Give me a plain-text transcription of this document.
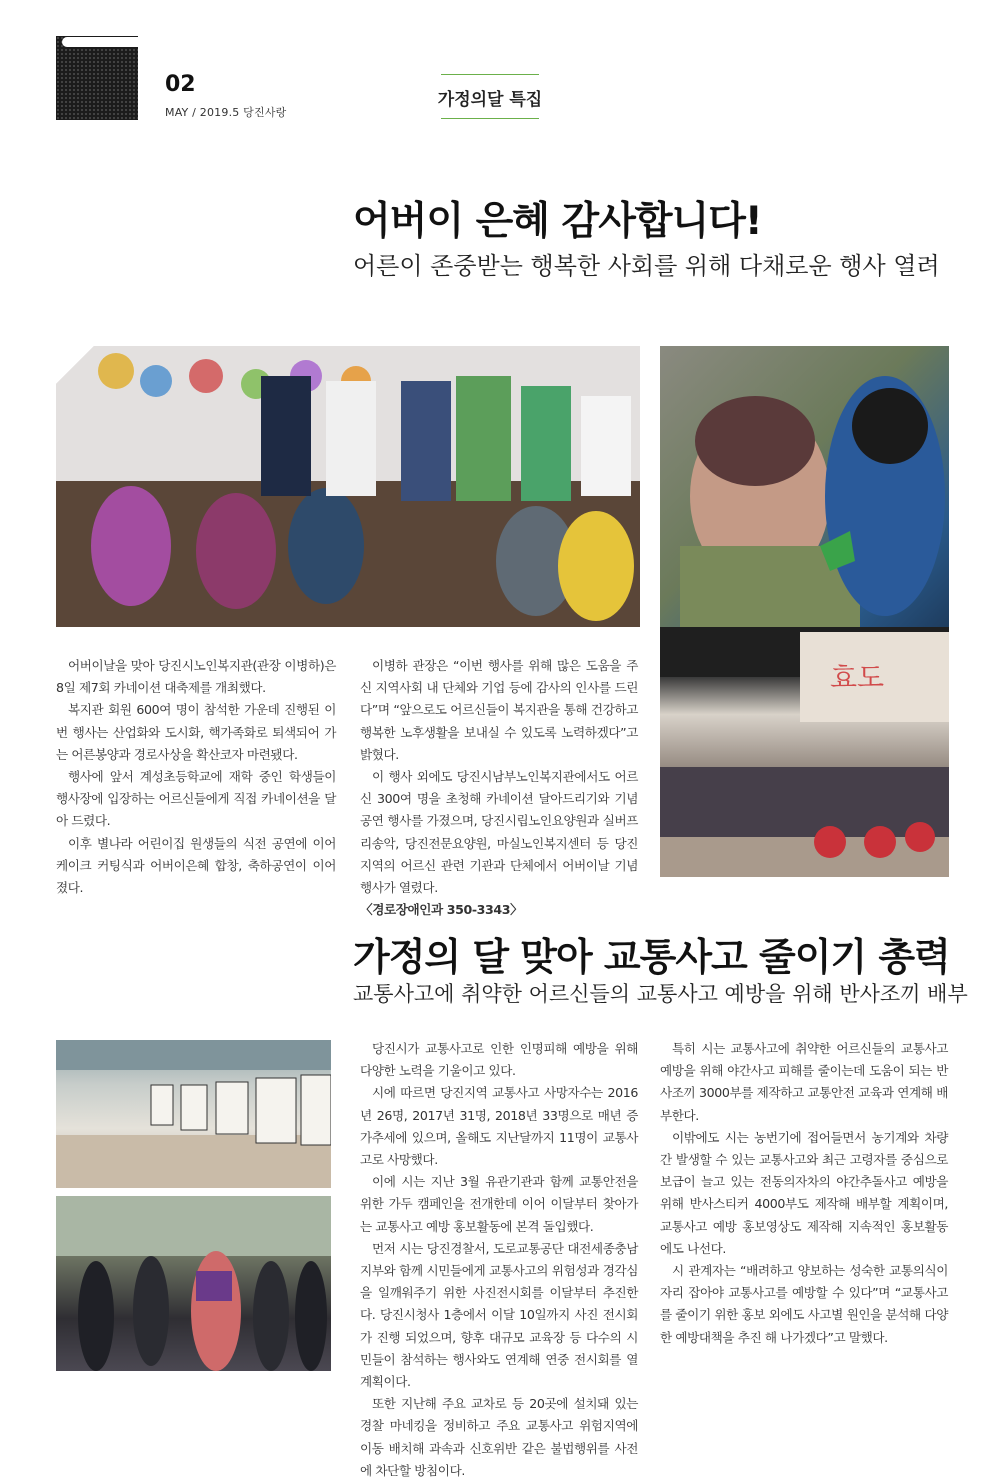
02
MAY / 2019.5 당진사랑
가정의달 특집
어버이 은혜 감사합니다!
어른이 존중받는 행복한 사회를 위해 다채로운 행사 열려
효도

어버이날을 맞아 당진시노인복지관(관장 이병하)은 8일 제7회 카네이션 대축제를 개최했다.

복지관 회원 600여 명이 참석한 가운데 진행된 이번 행사는 산업화와 도시화, 핵가족화로 퇴색되어 가는 어른봉양과 경로사상을 확산코자 마련됐다.

행사에 앞서 계성초등학교에 재학 중인 학생들이 행사장에 입장하는 어르신들에게 직접 카네이션을 달아 드렸다.

이후 별나라 어린이집 원생들의 식전 공연에 이어 케이크 커팅식과 어버이은혜 합창, 축하공연이 이어졌다.

이병하 관장은 “이번 행사를 위해 많은 도움을 주신 지역사회 내 단체와 기업 등에 감사의 인사를 드린다”며 “앞으로도 어르신들이 복지관을 통해 건강하고 행복한 노후생활을 보내실 수 있도록 노력하겠다”고 밝혔다.

이 행사 외에도 당진시남부노인복지관에서도 어르신 300여 명을 초청해 카네이션 달아드리기와 기념공연 행사를 가졌으며, 당진시립노인요양원과 실버프리송악, 당진전문요양원, 마실노인복지센터 등 당진지역의 어르신 관련 기관과 단체에서 어버이날 기념행사가 열렸다.

〈경로장애인과 350-3343〉

가정의 달 맞아 교통사고 줄이기 총력
교통사고에 취약한 어르신들의 교통사고 예방을 위해 반사조끼 배부

당진시가 교통사고로 인한 인명피해 예방을 위해 다양한 노력을 기울이고 있다.

시에 따르면 당진지역 교통사고 사망자수는 2016년 26명, 2017년 31명, 2018년 33명으로 매년 증가추세에 있으며, 올해도 지난달까지 11명이 교통사고로 사망했다.

이에 시는 지난 3월 유관기관과 함께 교통안전을 위한 가두 캠페인을 전개한데 이어 이달부터 찾아가는 교통사고 예방 홍보활동에 본격 돌입했다.

먼저 시는 당진경찰서, 도로교통공단 대전세종충남지부와 함께 시민들에게 교통사고의 위험성과 경각심을 일깨워주기 위한 사진전시회를 이달부터 추진한다. 당진시청사 1층에서 이달 10일까지 사진 전시회가 진행 되었으며, 향후 대규모 교육장 등 다수의 시민들이 참석하는 행사와도 연계해 연중 전시회를 열 계획이다.

또한 지난해 주요 교차로 등 20곳에 설치돼 있는 경찰 마네킹을 정비하고 주요 교통사고 위험지역에 이동 배치해 과속과 신호위반 같은 불법행위를 사전에 차단할 방침이다.

특히 시는 교통사고에 취약한 어르신들의 교통사고 예방을 위해 야간사고 피해를 줄이는데 도움이 되는 반사조끼 3000부를 제작하고 교통안전 교육과 연계해 배부한다.

이밖에도 시는 농번기에 접어들면서 농기계와 차량 간 발생할 수 있는 교통사고와 최근 고령자를 중심으로 보급이 늘고 있는 전동의자차의 야간추돌사고 예방을 위해 반사스티커 4000부도 제작해 배부할 계획이며, 교통사고 예방 홍보영상도 제작해 지속적인 홍보활동에도 나선다.

시 관계자는 “배려하고 양보하는 성숙한 교통의식이 자리 잡아야 교통사고를 예방할 수 있다”며 “교통사고를 줄이기 위한 홍보 외에도 사고별 원인을 분석해 다양한 예방대책을 추진 해 나가겠다”고 말했다.
